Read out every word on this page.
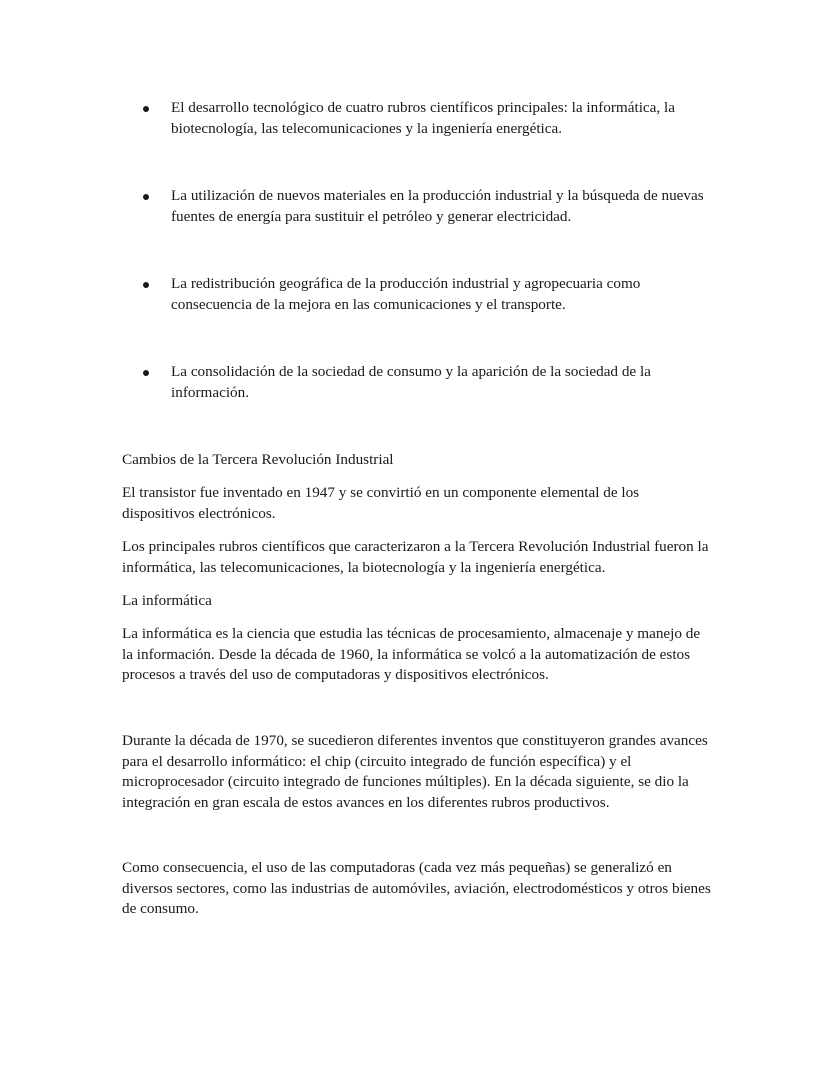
El desarrollo tecnológico de cuatro rubros científicos principales: la informática, la biotecnología, las telecomunicaciones y la ingeniería energética.
La utilización de nuevos materiales en la producción industrial y la búsqueda de nuevas fuentes de energía para sustituir el petróleo y generar electricidad.
La redistribución geográfica de la producción industrial y agropecuaria como consecuencia de la mejora en las comunicaciones y el transporte.
La consolidación de la sociedad de consumo y la aparición de la sociedad de la información.
Cambios de la Tercera Revolución Industrial
El transistor fue inventado en 1947 y se convirtió en un componente elemental de los dispositivos electrónicos.
Los principales rubros científicos que caracterizaron a la Tercera Revolución Industrial fueron la informática, las telecomunicaciones, la biotecnología y la ingeniería energética.
La informática
La informática es la ciencia que estudia las técnicas de procesamiento, almacenaje y manejo de la información. Desde la década de 1960, la informática se volcó a la automatización de estos procesos a través del uso de computadoras y dispositivos electrónicos.
Durante la década de 1970, se sucedieron diferentes inventos que constituyeron grandes avances para el desarrollo informático: el chip (circuito integrado de función específica) y el microprocesador (circuito integrado de funciones múltiples). En la década siguiente, se dio la integración en gran escala de estos avances en los diferentes rubros productivos.
Como consecuencia, el uso de las computadoras (cada vez más pequeñas) se generalizó en diversos sectores, como las industrias de automóviles, aviación, electrodomésticos y otros bienes de consumo.
